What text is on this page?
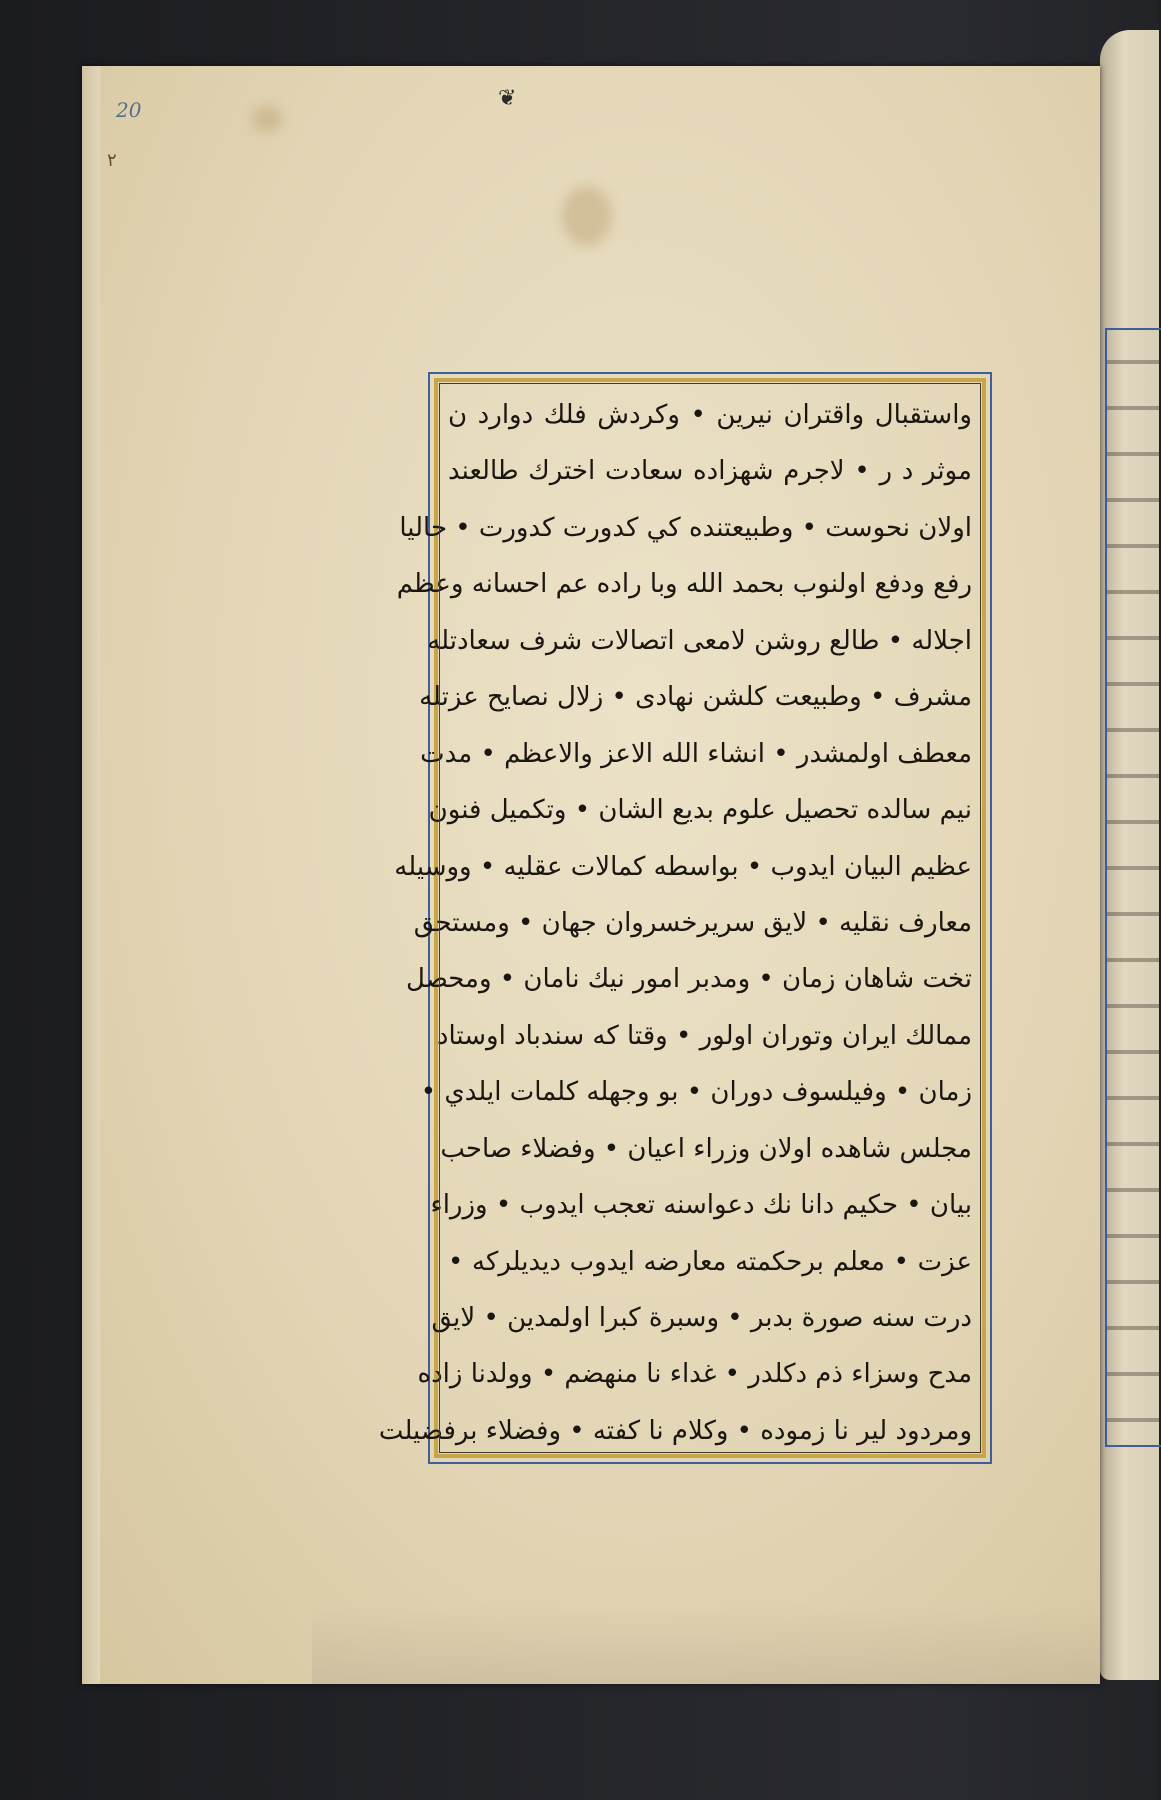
20
٢
❦
واستقبال واقتران نيرين • وكردش فلك دوارد ن
موثر د ر • لاجرم شهزاده سعادت اخترك طالعند
اولان نحوست • وطبيعتنده كي كدورت كدورت • حاليا
رفع ودفع اولنوب بحمد الله وبا راده عم احسانه وعظم
اجلاله • طالع روشن لامعى اتصالات شرف سعادتله
مشرف • وطبيعت كلشن نهادى • زلال نصايح عزتله
معطف اولمشدر • انشاء الله الاعز والاعظم • مدت
نيم سالده تحصيل علوم بديع الشان • وتكميل فنون
عظيم البيان ايدوب • بواسطه كمالات عقليه • ووسيله
معارف نقليه • لايق سريرخسروان جهان • ومستحق
تخت شاهان زمان • ومدبر امور نيك نامان • ومحصل
ممالك ايران وتوران اولور • وقتا كه سندباد اوستاد
زمان • وفيلسوف دوران • بو وجهله كلمات ايلدي •
مجلس شاهده اولان وزراء اعيان • وفضلاء صاحب
بيان • حكيم دانا نك دعواسنه تعجب ايدوب • وزراء
عزت • معلم برحكمته معارضه ايدوب ديديلركه •
درت سنه صورة بدبر • وسبرة كبرا اولمدين • لايق
مدح وسزاء ذم دكلدر • غداء نا منهضم • وولدنا زاده
ومردود لير نا زموده • وكلام نا كفته • وفضلاء برفضيلت
